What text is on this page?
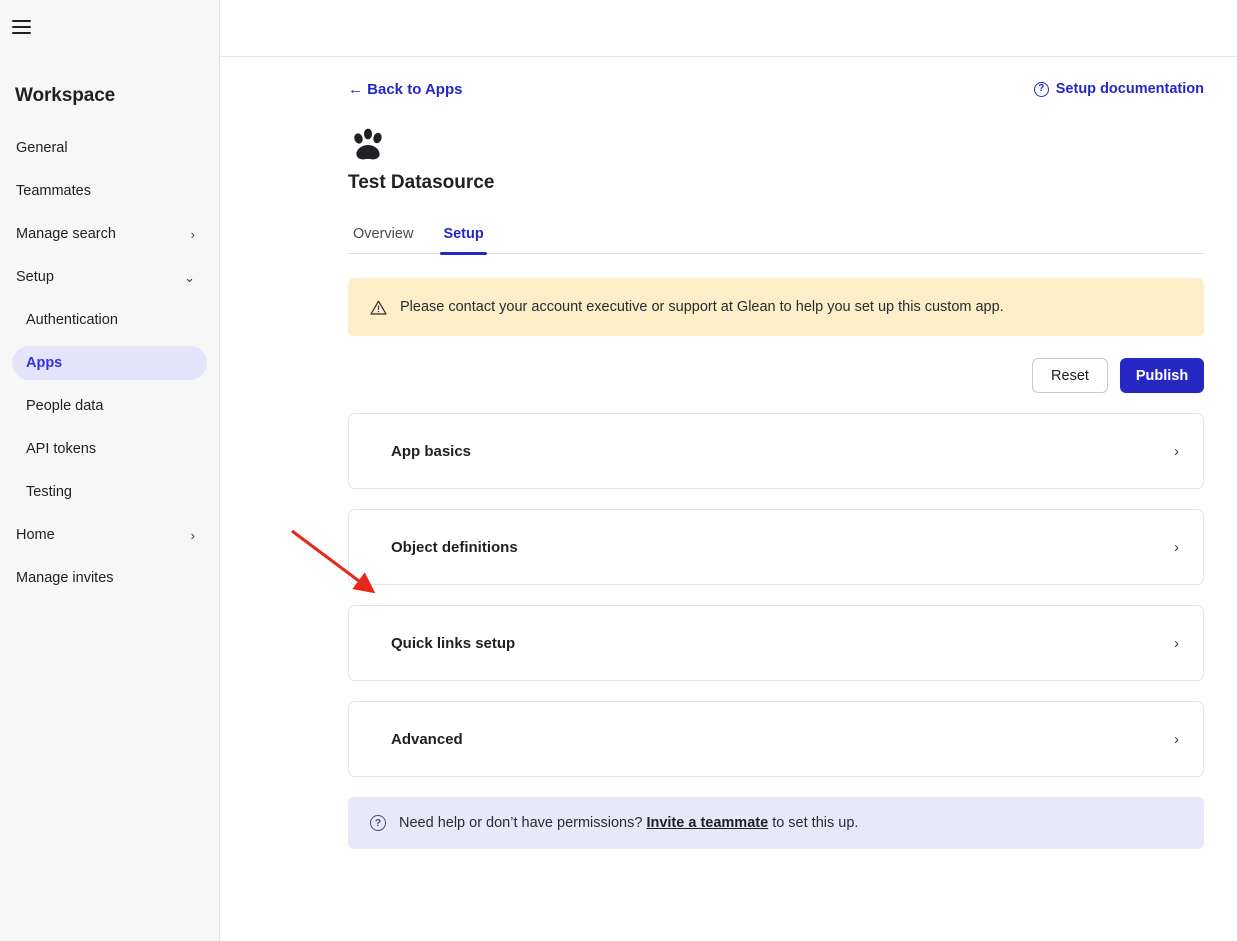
Workspace
General
Teammates
Manage search	›
Setup	⌄
Authentication
Apps
People data
API tokens
Testing
Home	›
Manage invites
← Back to Apps	? Setup documentation
Test Datasource
Overview Setup
Please contact your account executive or support at Glean to help you set up this custom app.
Reset	Publish
App basics	›
Object definitions	›
Quick links setup	›
Advanced	›
?	Need help or don’t have permissions? Invite a teammate to set this up.
